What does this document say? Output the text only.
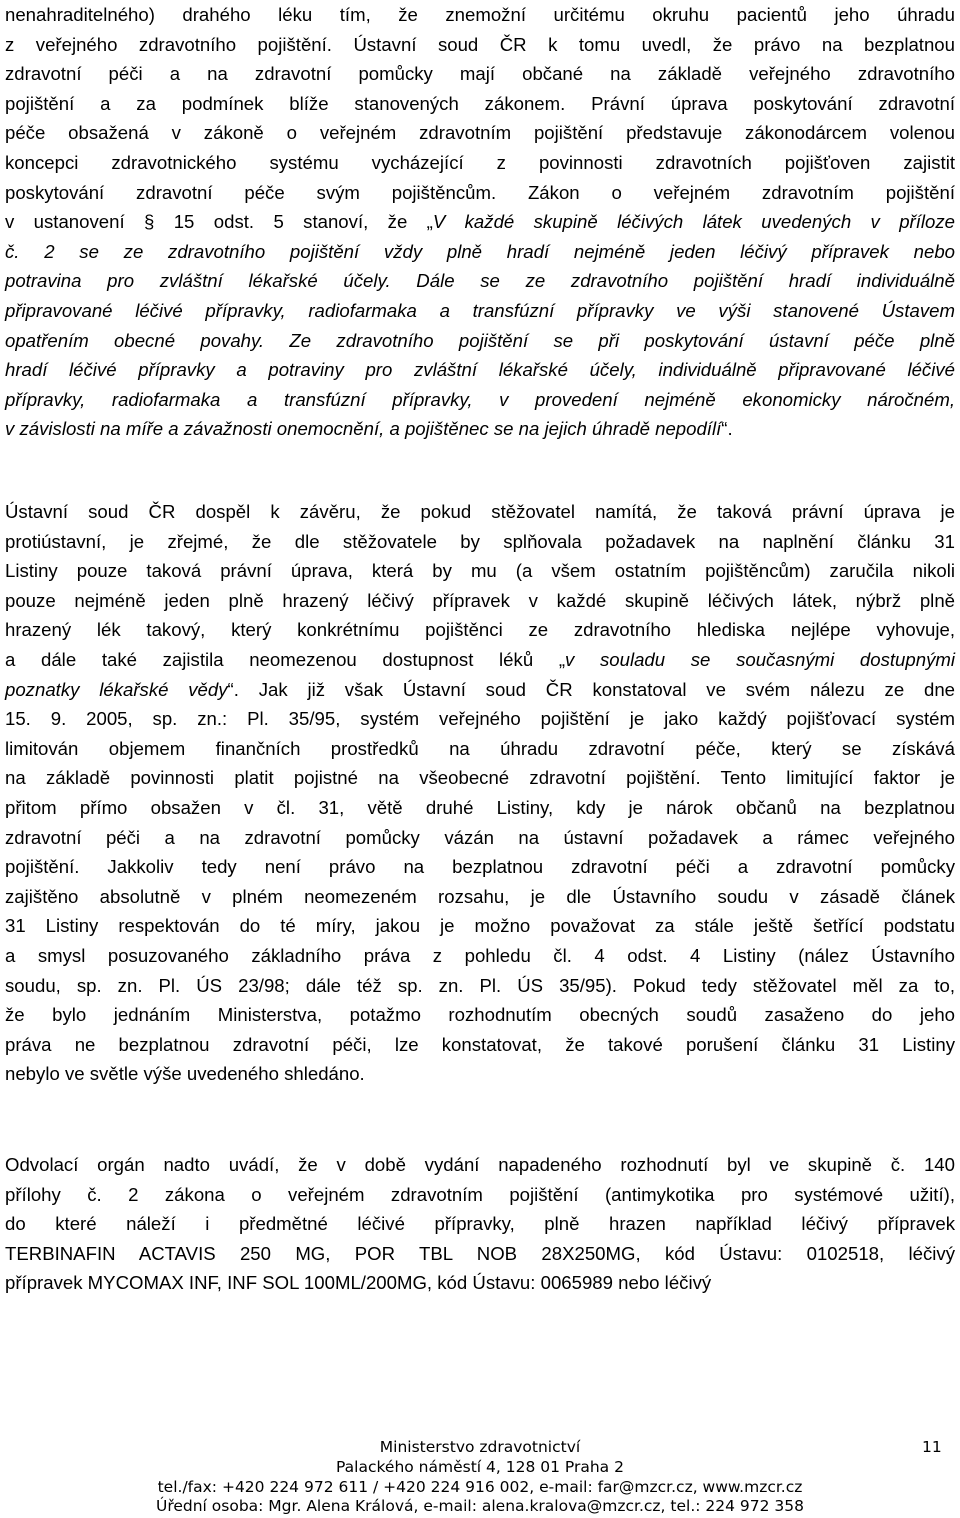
nenahraditelného) drahého léku tím, že znemožní určitému okruhu pacientů jeho úhradu
z veřejného zdravotního pojištění. Ústavní soud ČR k tomu uvedl, že právo na bezplatnou
zdravotní péči a na zdravotní pomůcky mají občané na základě veřejného zdravotního
pojištění a za podmínek blíže stanovených zákonem. Právní úprava poskytování zdravotní
péče obsažená v zákoně o veřejném zdravotním pojištění představuje zákonodárcem volenou
koncepci zdravotnického systému vycházející z povinnosti zdravotních pojišťoven zajistit
poskytování zdravotní péče svým pojištěncům. Zákon o veřejném zdravotním pojištění
v ustanovení § 15 odst. 5 stanoví, že „V každé skupině léčivých látek uvedených v příloze
č. 2 se ze zdravotního pojištění vždy plně hradí nejméně jeden léčivý přípravek nebo
potravina pro zvláštní lékařské účely. Dále se ze zdravotního pojištění hradí individuálně
připravované léčivé přípravky, radiofarmaka a transfúzní přípravky ve výši stanovené Ústavem
opatřením obecné povahy. Ze zdravotního pojištění se při poskytování ústavní péče plně
hradí léčivé přípravky a potraviny pro zvláštní lékařské účely, individuálně připravované léčivé
přípravky, radiofarmaka a transfúzní přípravky, v provedení nejméně ekonomicky náročném,
v závislosti na míře a závažnosti onemocnění, a pojištěnec se na jejich úhradě nepodílí“.
Ústavní soud ČR dospěl k závěru, že pokud stěžovatel namítá, že taková právní úprava je
protiústavní, je zřejmé, že dle stěžovatele by splňovala požadavek na naplnění článku 31
Listiny pouze taková právní úprava, která by mu (a všem ostatním pojištěncům) zaručila nikoli
pouze nejméně jeden plně hrazený léčivý přípravek v každé skupině léčivých látek, nýbrž plně
hrazený lék takový, který konkrétnímu pojištěnci ze zdravotního hlediska nejlépe vyhovuje,
a dále také zajistila neomezenou dostupnost léků „v souladu se současnými dostupnými
poznatky lékařské vědy“. Jak již však Ústavní soud ČR konstatoval ve svém nálezu ze dne
15. 9. 2005, sp. zn.: Pl. 35/95, systém veřejného pojištění je jako každý pojišťovací systém
limitován objemem finančních prostředků na úhradu zdravotní péče, který se získává
na základě povinnosti platit pojistné na všeobecné zdravotní pojištění. Tento limitující faktor je
přitom přímo obsažen v čl. 31, větě druhé Listiny, kdy je nárok občanů na bezplatnou
zdravotní péči a na zdravotní pomůcky vázán na ústavní požadavek a rámec veřejného
pojištění. Jakkoliv tedy není právo na bezplatnou zdravotní péči a zdravotní pomůcky
zajištěno absolutně v plném neomezeném rozsahu, je dle Ústavního soudu v zásadě článek
31 Listiny respektován do té míry, jakou je možno považovat za stále ještě šetřící podstatu
a smysl posuzovaného základního práva z pohledu čl. 4 odst. 4 Listiny (nález Ústavního
soudu, sp. zn. Pl. ÚS 23/98; dále též sp. zn. Pl. ÚS 35/95). Pokud tedy stěžovatel měl za to,
že bylo jednáním Ministerstva, potažmo rozhodnutím obecných soudů zasaženo do jeho
práva ne bezplatnou zdravotní péči, lze konstatovat, že takové porušení článku 31 Listiny
nebylo ve světle výše uvedeného shledáno.
Odvolací orgán nadto uvádí, že v době vydání napadeného rozhodnutí byl ve skupině č. 140
přílohy č. 2 zákona o veřejném zdravotním pojištění (antimykotika pro systémové užití),
do které náleží i předmětné léčivé přípravky, plně hrazen například léčivý přípravek
TERBINAFIN ACTAVIS 250 MG, POR TBL NOB 28X250MG, kód Ústavu: 0102518, léčivý
přípravek MYCOMAX INF, INF SOL 100ML/200MG, kód Ústavu: 0065989 nebo léčivý
Ministerstvo zdravotnictví	11
Palackého náměstí 4, 128 01 Praha 2
tel./fax: +420 224 972 611 / +420 224 916 002, e-mail: far@mzcr.cz, www.mzcr.cz
Úřední osoba: Mgr. Alena Králová, e-mail: alena.kralova@mzcr.cz, tel.: 224 972 358
